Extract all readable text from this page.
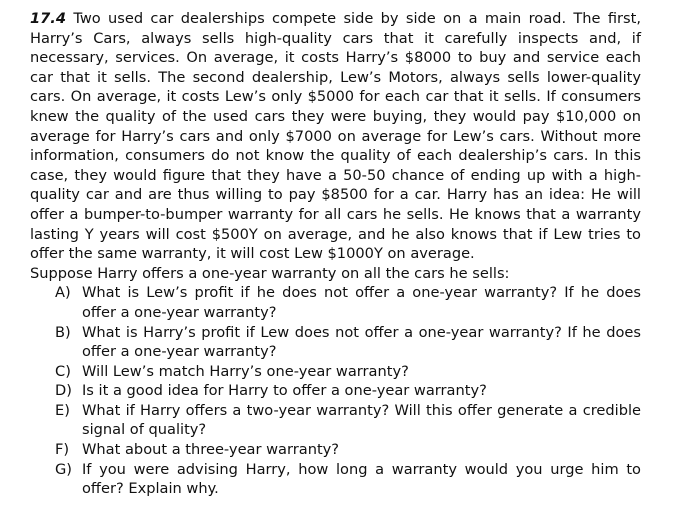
17.4 Two used car dealerships compete side by side on a main road. The first, Harry’s Cars, always sells high-quality cars that it carefully inspects and, if necessary, services. On average, it costs Harry’s $8000 to buy and service each car that it sells. The second dealership, Lew’s Motors, always sells lower-quality cars. On average, it costs Lew’s only $5000 for each car that it sells. If consumers knew the quality of the used cars they were buying, they would pay $10,000 on average for Harry’s cars and only $7000 on average for Lew’s cars. Without more information, consumers do not know the quality of each dealership’s cars. In this case, they would figure that they have a 50-50 chance of ending up with a high-quality car and are thus willing to pay $8500 for a car. Harry has an idea: He will offer a bumper-to-bumper warranty for all cars he sells. He knows that a warranty lasting Y years will cost $500Y on average, and he also knows that if Lew tries to offer the same warranty, it will cost Lew $1000Y on average.

Suppose Harry offers a one-year warranty on all the cars he sells:

A) What is Lew’s profit if he does not offer a one-year warranty? If he does offer a one-year warranty?
B) What is Harry’s profit if Lew does not offer a one-year warranty? If he does offer a one-year warranty?
C) Will Lew’s match Harry’s one-year warranty?
D) Is it a good idea for Harry to offer a one-year warranty?
E) What if Harry offers a two-year warranty? Will this offer generate a credible signal of quality?
F) What about a three-year warranty?
G) If you were advising Harry, how long a warranty would you urge him to offer? Explain why.
